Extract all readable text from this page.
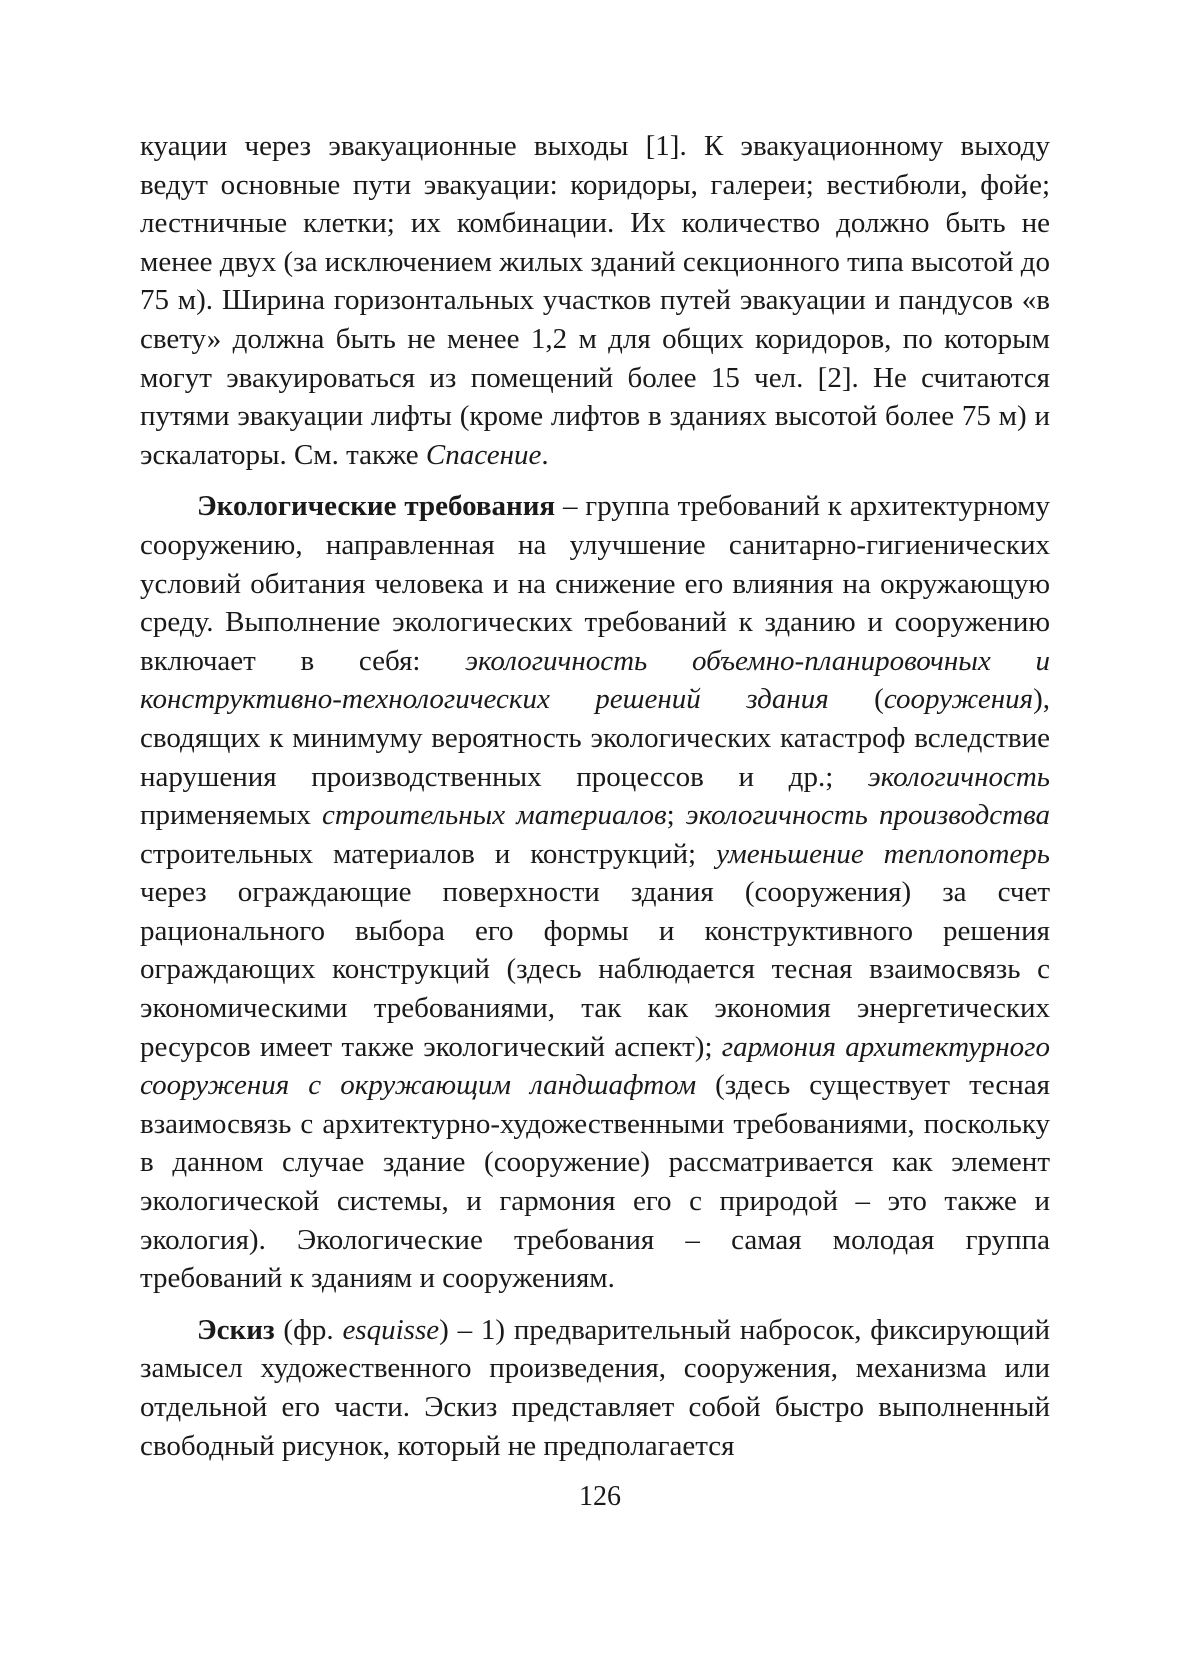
куации через эвакуационные выходы [1]. К эвакуационному выходу ведут основные пути эвакуации: коридоры, галереи; вестибюли, фойе; лестничные клетки; их комбинации. Их количество должно быть не менее двух (за исключением жилых зданий секционного типа высотой до 75 м). Ширина горизонтальных участков путей эвакуации и пандусов «в свету» должна быть не менее 1,2 м для общих коридоров, по которым могут эвакуироваться из помещений более 15 чел. [2]. Не считаются путями эвакуации лифты (кроме лифтов в зданиях высотой более 75 м) и эскалаторы. См. также Спасение.

Экологические требования – группа требований к архитектурному сооружению, направленная на улучшение санитарно-гигиенических условий обитания человека и на снижение его влияния на окружающую среду. Выполнение экологических требований к зданию и сооружению включает в себя: экологичность объемно-планировочных и конструктивно-технологических решений здания (сооружения), сводящих к минимуму вероятность экологических катастроф вследствие нарушения производственных процессов и др.; экологичность применяемых строительных материалов; экологичность производства строительных материалов и конструкций; уменьшение теплопотерь через ограждающие поверхности здания (сооружения) за счет рационального выбора его формы и конструктивного решения ограждающих конструкций (здесь наблюдается тесная взаимосвязь с экономическими требованиями, так как экономия энергетических ресурсов имеет также экологический аспект); гармония архитектурного сооружения с окружающим ландшафтом (здесь существует тесная взаимосвязь с архитектурно-художественными требованиями, поскольку в данном случае здание (сооружение) рассматривается как элемент экологической системы, и гармония его с природой – это также и экология). Экологические требования – самая молодая группа требований к зданиям и сооружениям.

Эскиз (фр. esquisse) – 1) предварительный набросок, фиксирующий замысел художественного произведения, сооружения, механизма или отдельной его части. Эскиз представляет собой быстро выполненный свободный рисунок, который не предполагается

126
